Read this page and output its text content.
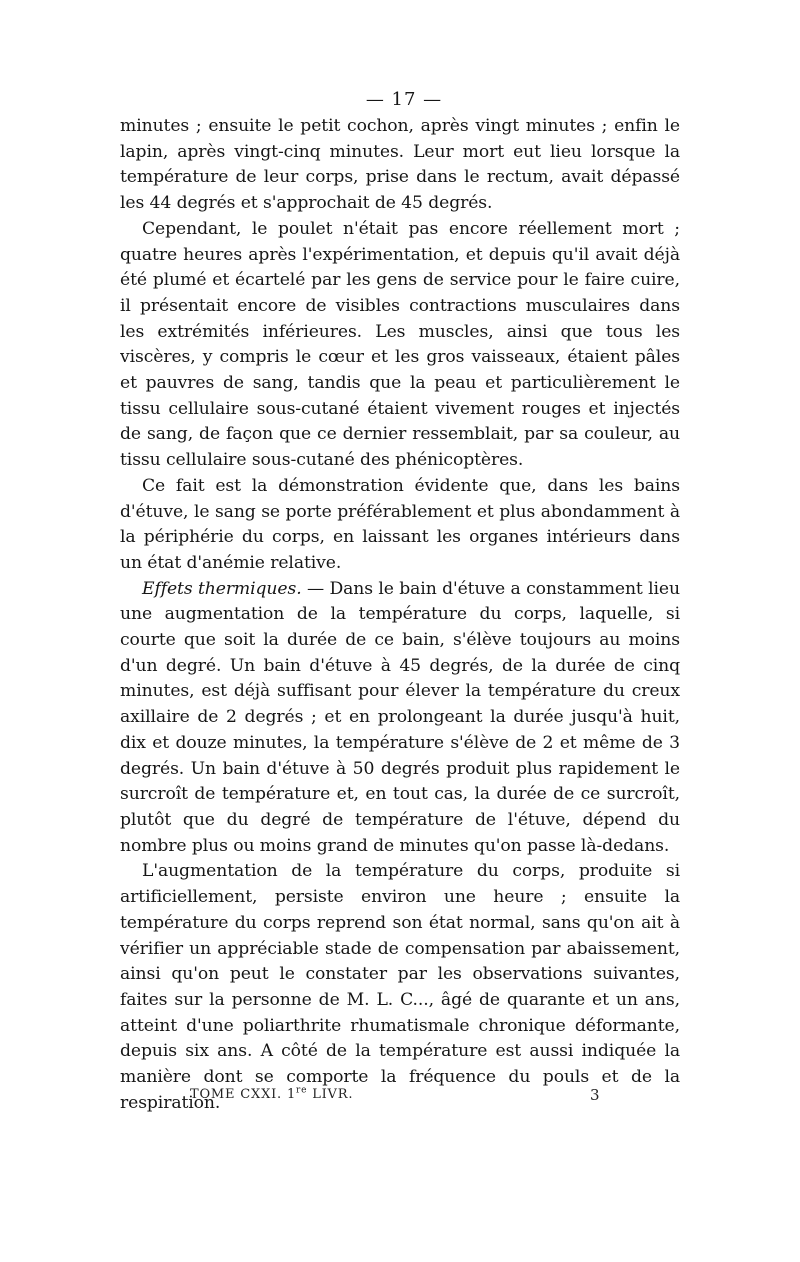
— 17 —

minutes ; ensuite le petit cochon, après vingt minutes ; enfin le lapin, après vingt-cinq minutes. Leur mort eut lieu lorsque la température de leur corps, prise dans le rectum, avait dépassé les 44 degrés et s'approchait de 45 degrés.

Cependant, le poulet n'était pas encore réellement mort ; quatre heures après l'expérimentation, et depuis qu'il avait déjà été plumé et écartelé par les gens de service pour le faire cuire, il présentait encore de visibles contractions musculaires dans les extrémités inférieures. Les muscles, ainsi que tous les viscères, y compris le cœur et les gros vaisseaux, étaient pâles et pauvres de sang, tandis que la peau et particulièrement le tissu cellulaire sous-cutané étaient vivement rouges et injectés de sang, de façon que ce dernier ressemblait, par sa couleur, au tissu cellulaire sous-cutané des phénicoptères.

Ce fait est la démonstration évidente que, dans les bains d'étuve, le sang se porte préférablement et plus abondamment à la périphérie du corps, en laissant les organes intérieurs dans un état d'anémie relative.

Effets thermiques. — Dans le bain d'étuve a constamment lieu une augmentation de la température du corps, laquelle, si courte que soit la durée de ce bain, s'élève toujours au moins d'un degré. Un bain d'étuve à 45 degrés, de la durée de cinq minutes, est déjà suffisant pour élever la température du creux axillaire de 2 degrés ; et en prolongeant la durée jusqu'à huit, dix et douze minutes, la température s'élève de 2 et même de 3 degrés. Un bain d'étuve à 50 degrés produit plus rapidement le surcroît de température et, en tout cas, la durée de ce surcroît, plutôt que du degré de température de l'étuve, dépend du nombre plus ou moins grand de minutes qu'on passe là-dedans.

L'augmentation de la température du corps, produite si artificiellement, persiste environ une heure ; ensuite la température du corps reprend son état normal, sans qu'on ait à vérifier un appréciable stade de compensation par abaissement, ainsi qu'on peut le constater par les observations suivantes, faites sur la personne de M. L. C..., âgé de quarante et un ans, atteint d'une poliarthrite rhumatismale chronique déformante, depuis six ans. A côté de la température est aussi indiquée la manière dont se comporte la fréquence du pouls et de la respiration.

TOME CXXI. 1re LIVR.	3
